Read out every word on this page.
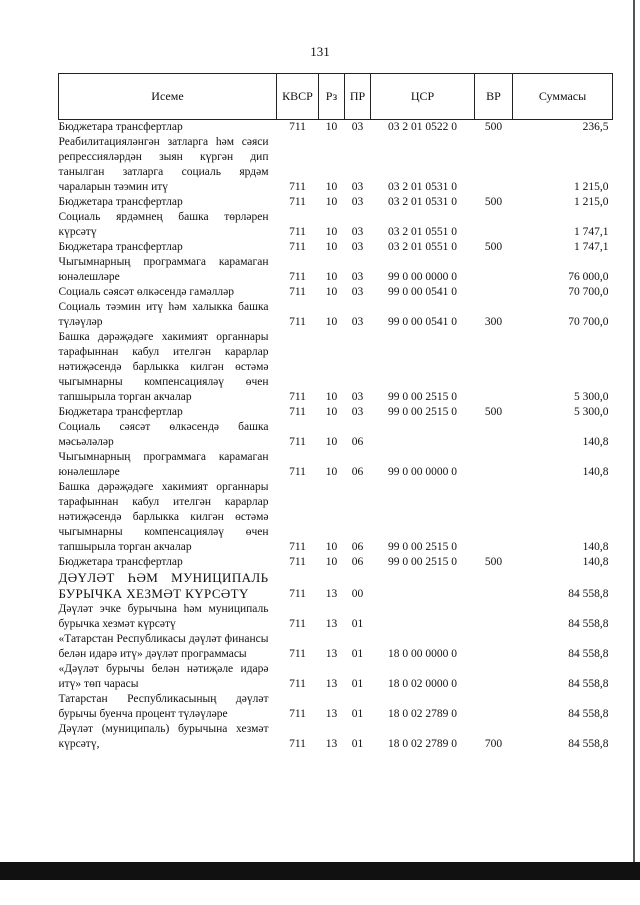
131
Исеме	КВСР	Рз	ПР	ЦСР	ВР	Суммасы
Бюджетара трансфертлар	711	10	03	03 2 01 0522 0	500	236,5
Реабилитацияләнгән затларга һәм сәяси репрессияләрдән зыян күргән дип танылган затларга социаль ярдәм чараларын тәэмин итү	711	10	03	03 2 01 0531 0		1 215,0
Бюджетара трансфертлар	711	10	03	03 2 01 0531 0	500	1 215,0
Социаль ярдәмнең башка төрләрен күрсәтү	711	10	03	03 2 01 0551 0		1 747,1
Бюджетара трансфертлар	711	10	03	03 2 01 0551 0	500	1 747,1
Чыгымнарның программага карамаган юнәлешләре	711	10	03	99 0 00 0000 0		76 000,0
Социаль сәясәт өлкәсендә гамәлләр	711	10	03	99 0 00 0541 0		70 700,0
Социаль тәэмин итү һәм халыкка башка түләүләр	711	10	03	99 0 00 0541 0	300	70 700,0
Башка дәрәҗәдәге хакимият органнары тарафыннан кабул ителгән карарлар нәтиҗәсендә барлыкка килгән өстәмә чыгымнарны компенсацияләү өчен тапшырыла торган акчалар	711	10	03	99 0 00 2515 0		5 300,0
Бюджетара трансфертлар	711	10	03	99 0 00 2515 0	500	5 300,0
Социаль сәясәт өлкәсендә башка мәсьәләләр	711	10	06			140,8
Чыгымнарның программага карамаган юнәлешләре	711	10	06	99 0 00 0000 0		140,8
Башка дәрәҗәдәге хакимият органнары тарафыннан кабул ителгән карарлар нәтиҗәсендә барлыкка килгән өстәмә чыгымнарны компенсацияләү өчен тапшырыла торган акчалар	711	10	06	99 0 00 2515 0		140,8
Бюджетара трансфертлар	711	10	06	99 0 00 2515 0	500	140,8
ДӘҮЛӘТ ҺӘМ МУНИЦИПАЛЬ БУРЫЧКА ХЕЗМӘТ КҮРСӘТҮ	711	13	00			84 558,8
Дәүләт эчке бурычына һәм муниципаль бурычка хезмәт күрсәтү	711	13	01			84 558,8
«Татарстан Республикасы дәүләт финансы белән идарә итү» дәүләт программасы	711	13	01	18 0 00 0000 0		84 558,8
«Дәүләт бурычы белән нәтиҗәле идарә итү» төп чарасы	711	13	01	18 0 02 0000 0		84 558,8
Татарстан Республикасының дәүләт бурычы буенча процент түләүләре	711	13	01	18 0 02 2789 0		84 558,8
Дәүләт (муниципаль) бурычына хезмәт күрсәтү,	711	13	01	18 0 02 2789 0	700	84 558,8
